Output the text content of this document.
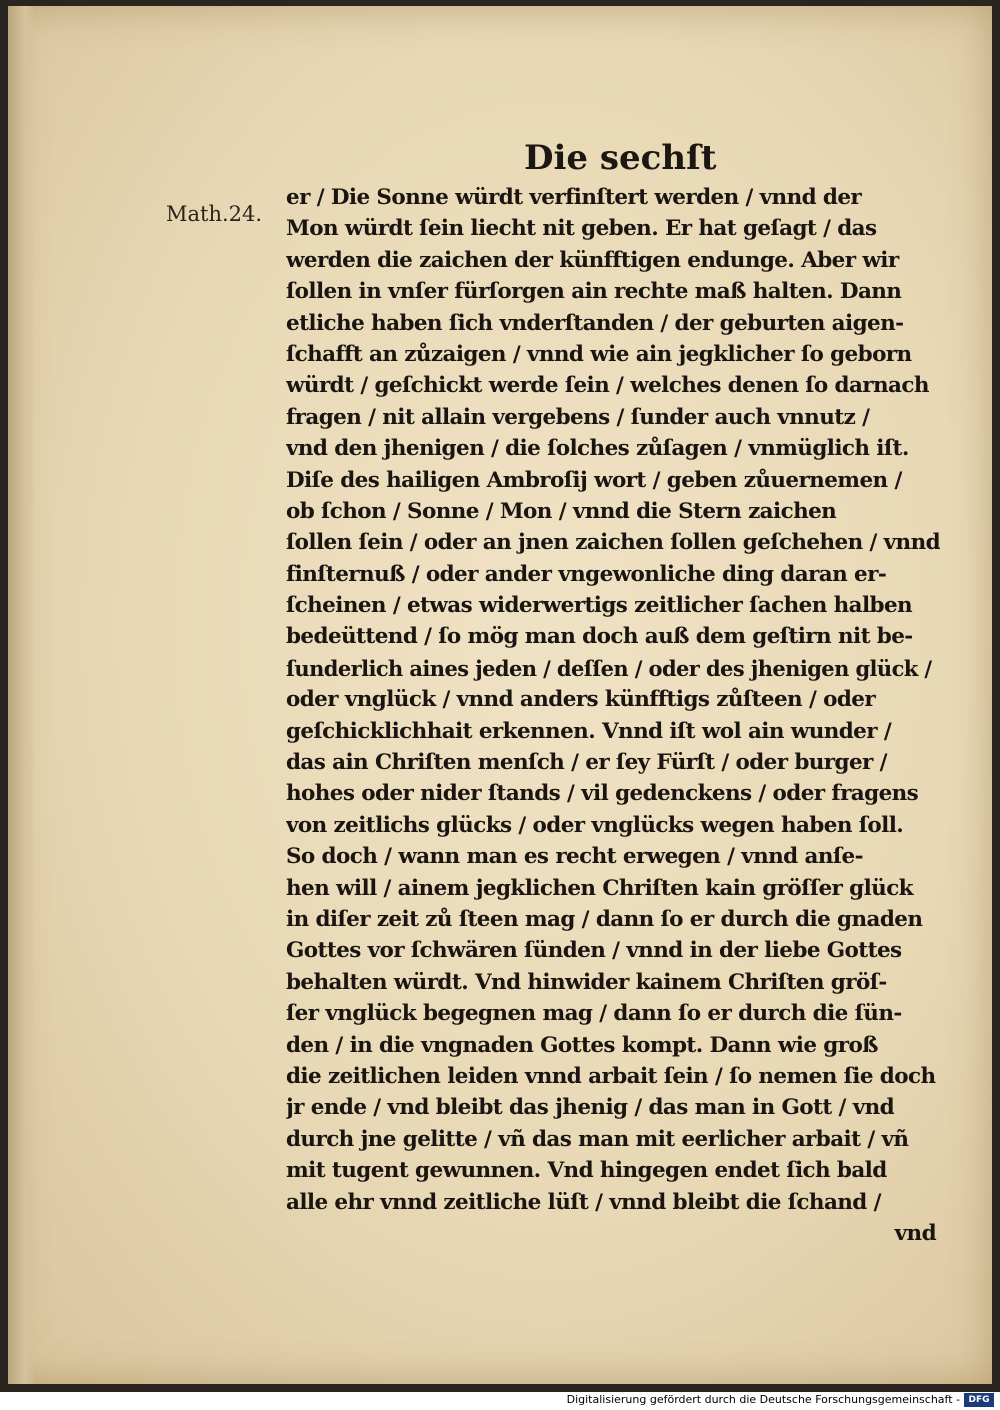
Die sechſt
Math.24.
er / Die Sonne würdt verfinſtert werden / vnnd der
Mon würdt ſein liecht nit geben. Er hat geſagt / das
werden die zaichen der künfftigen endunge. Aber wir
ſollen in vnſer fürſorgen ain rechte maß halten. Dann
etliche haben ſich vnderſtanden / der geburten aigen-
ſchafft an zůzaigen / vnnd wie ain jegklicher ſo geborn
würdt / geſchickt werde ſein / welches denen ſo darnach
fragen / nit allain vergebens / ſunder auch vnnutz /
vnd den jhenigen / die ſolches zůſagen / vnmüglich iſt.
Diſe des hailigen Ambroſij wort / geben zůuernemen /
ob ſchon / Sonne / Mon / vnnd die Stern zaichen
ſollen ſein / oder an jnen zaichen ſollen geſchehen / vnnd
finſternuß / oder ander vngewonliche ding daran er-
ſcheinen / etwas widerwertigs zeitlicher ſachen halben
bedeüttend / ſo mög man doch auß dem geſtirn nit be-
ſunderlich aines jeden / deſſen / oder des jhenigen glück /
oder vnglück / vnnd anders künfftigs zůſteen / oder
geſchicklichhait erkennen. Vnnd iſt wol ain wunder /
das ain Chriſten menſch / er ſey Fürſt / oder burger /
hohes oder nider ſtands / vil gedenckens / oder fragens
von zeitlichs glücks / oder vnglücks wegen haben ſoll.
So doch / wann man es recht erwegen / vnnd anſe-
hen will / ainem jegklichen Chriſten kain gröſſer glück
in diſer zeit zů ſteen mag / dann ſo er durch die gnaden
Gottes vor ſchwären ſünden / vnnd in der liebe Gottes
behalten würdt. Vnd hinwider kainem Chriſten gröſ-
ſer vnglück begegnen mag / dann ſo er durch die ſün-
den / in die vngnaden Gottes kompt. Dann wie groß
die zeitlichen leiden vnnd arbait ſein / ſo nemen ſie doch
jr ende / vnd bleibt das jhenig / das man in Gott / vnd
durch jne gelitte / vñ das man mit eerlicher arbait / vñ
mit tugent gewunnen. Vnd hingegen endet ſich bald
alle ehr vnnd zeitliche lüſt / vnnd bleibt die ſchand /
vnd
Digitalisierung gefördert durch die Deutsche Forschungsgemeinschaft - DFG
